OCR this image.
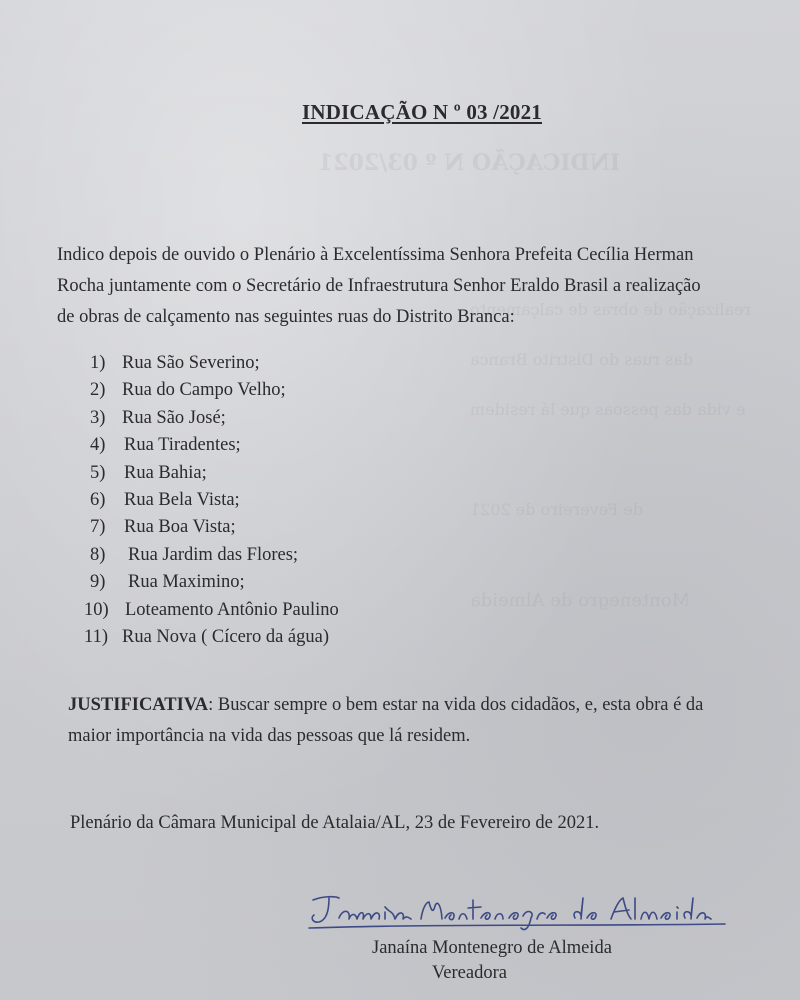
INDICAÇÃO N º 03/2021
realização de obras de calçamento
das ruas do Distrito Branca
e vida das pessoas que lá residem
de Fevereiro de 2021
Montenegro de Almeida
INDICAÇÃO N º 03 /2021
Indico depois de ouvido o Plenário à Excelentíssima Senhora Prefeita Cecília Herman
Rocha juntamente com o Secretário de Infraestrutura Senhor Eraldo Brasil a realização
de obras de calçamento nas seguintes ruas do Distrito Branca:
1) Rua São Severino;
2) Rua do Campo Velho;
3) Rua São José;
4) Rua Tiradentes;
5) Rua Bahia;
6) Rua Bela Vista;
7) Rua Boa Vista;
8) Rua Jardim das Flores;
9) Rua Maximino;
10) Loteamento Antônio Paulino
11) Rua Nova ( Cícero da água)
JUSTIFICATIVA: Buscar sempre o bem estar na vida dos cidadãos, e, esta obra é da
maior importância na vida das pessoas que lá residem.
Plenário da Câmara Municipal de Atalaia/AL, 23 de Fevereiro de 2021.
Janaína Montenegro de Almeida
Vereadora
